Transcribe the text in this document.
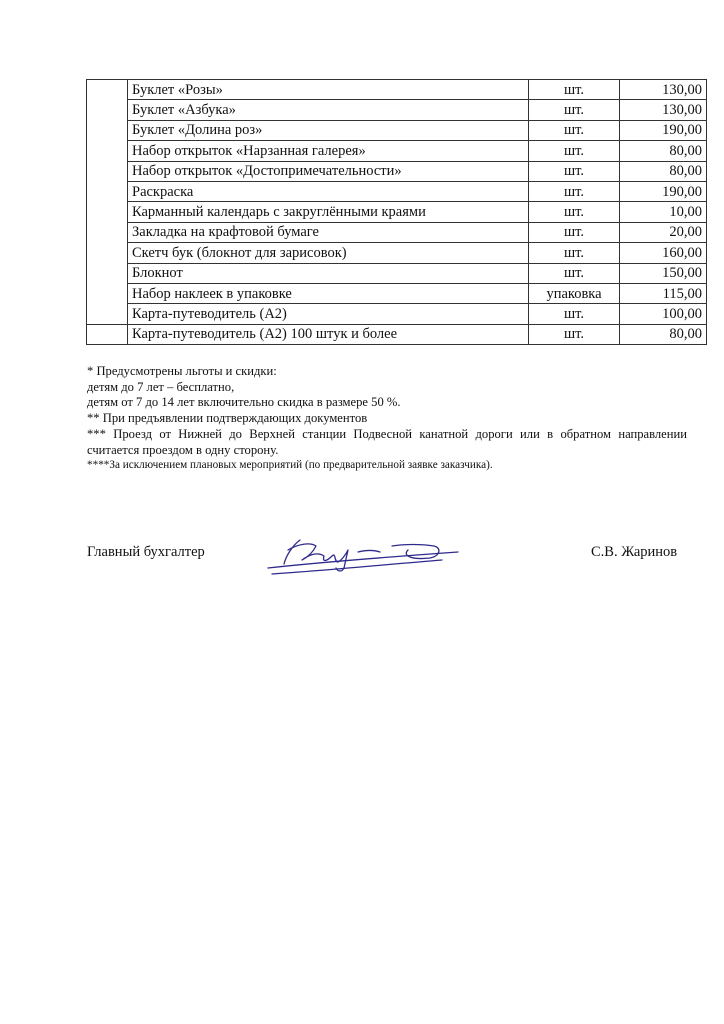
	Буклет «Розы»	шт.	130,00
	Буклет «Азбука»	шт.	130,00
	Буклет «Долина роз»	шт.	190,00
	Набор открыток «Нарзанная галерея»	шт.	80,00
	Набор открыток «Достопримечательности»	шт.	80,00
	Раскраска	шт.	190,00
	Карманный календарь с закруглёнными краями	шт.	10,00
	Закладка на крафтовой бумаге	шт.	20,00
	Скетч бук (блокнот для зарисовок)	шт.	160,00
	Блокнот	шт.	150,00
	Набор наклеек в упаковке	упаковка	115,00
	Карта-путеводитель (А2)	шт.	100,00
	Карта-путеводитель (А2) 100 штук и более	шт.	80,00
* Предусмотрены льготы и скидки:
детям до 7 лет – бесплатно,
детям от 7 до 14 лет включительно скидка в размере 50 %.
** При предъявлении подтверждающих документов
*** Проезд от Нижней до Верхней станции Подвесной канатной дороги или в обратном направлении считается проездом в одну сторону.
****За исключением плановых мероприятий (по предварительной заявке заказчика).
Главный бухгалтер	С.В. Жаринов
